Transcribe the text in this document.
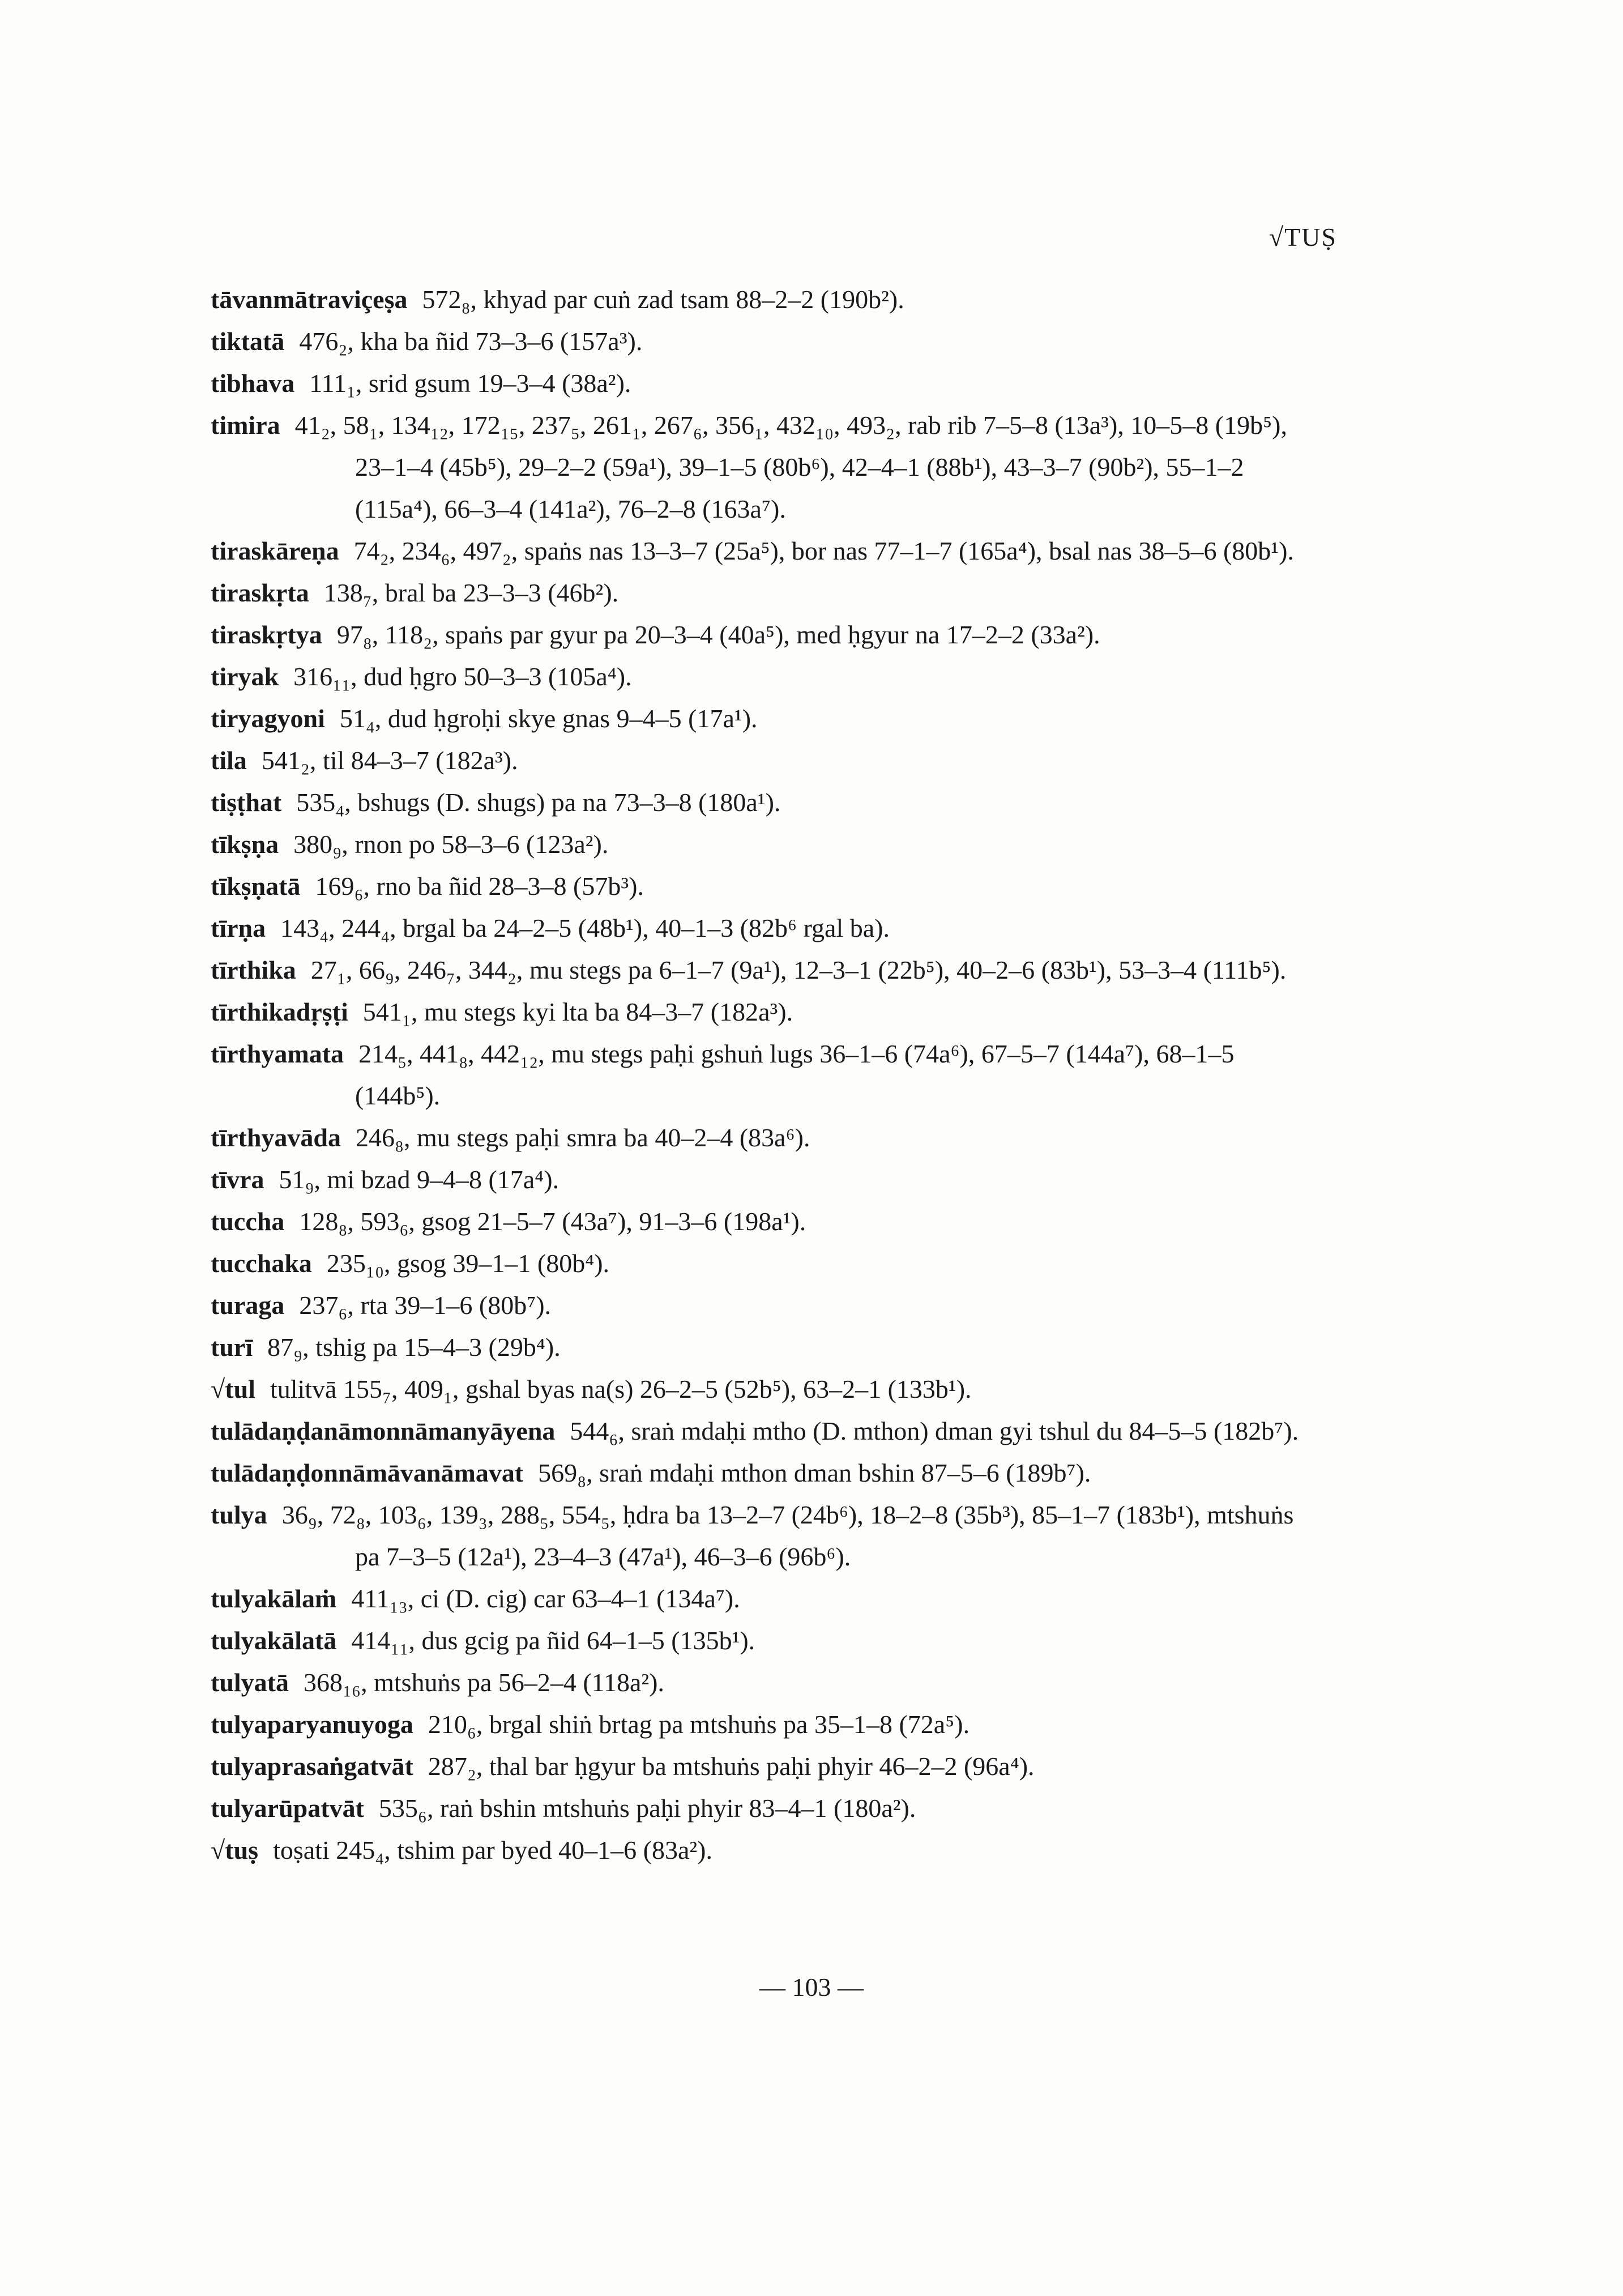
√TUṢ

tāvanmātraviçeṣa 572₈, khyad par cuṅ zad tsam 88–2–2 (190b²).

tiktatā 476₂, kha ba ñid 73–3–6 (157a³).

tibhava 111₁, srid gsum 19–3–4 (38a²).

timira 41₂, 58₁, 134₁₂, 172₁₅, 237₅, 261₁, 267₆, 356₁, 432₁₀, 493₂, rab rib 7–5–8 (13a³), 10–5–8 (19b⁵), 23–1–4 (45b⁵), 29–2–2 (59a¹), 39–1–5 (80b⁶), 42–4–1 (88b¹), 43–3–7 (90b²), 55–1–2 (115a⁴), 66–3–4 (141a²), 76–2–8 (163a⁷).

tiraskāreṇa 74₂, 234₆, 497₂, spaṅs nas 13–3–7 (25a⁵), bor nas 77–1–7 (165a⁴), bsal nas 38–5–6 (80b¹).

tiraskṛta 138₇, bral ba 23–3–3 (46b²).

tiraskṛtya 97₈, 118₂, spaṅs par gyur pa 20–3–4 (40a⁵), med ḥgyur na 17–2–2 (33a²).

tiryak 316₁₁, dud ḥgro 50–3–3 (105a⁴).

tiryagyoni 51₄, dud ḥgroḥi skye gnas 9–4–5 (17a¹).

tila 541₂, til 84–3–7 (182a³).

tiṣṭhat 535₄, bshugs (D. shugs) pa na 73–3–8 (180a¹).

tīkṣṇa 380₉, rnon po 58–3–6 (123a²).

tīkṣṇatā 169₆, rno ba ñid 28–3–8 (57b³).

tīrṇa 143₄, 244₄, brgal ba 24–2–5 (48b¹), 40–1–3 (82b⁶ rgal ba).

tīrthika 27₁, 66₉, 246₇, 344₂, mu stegs pa 6–1–7 (9a¹), 12–3–1 (22b⁵), 40–2–6 (83b¹), 53–3–4 (111b⁵).

tīrthikadṛṣṭi 541₁, mu stegs kyi lta ba 84–3–7 (182a³).

tīrthyamata 214₅, 441₈, 442₁₂, mu stegs paḥi gshuṅ lugs 36–1–6 (74a⁶), 67–5–7 (144a⁷), 68–1–5 (144b⁵).

tīrthyavāda 246₈, mu stegs paḥi smra ba 40–2–4 (83a⁶).

tīvra 51₉, mi bzad 9–4–8 (17a⁴).

tuccha 128₈, 593₆, gsog 21–5–7 (43a⁷), 91–3–6 (198a¹).

tucchaka 235₁₀, gsog 39–1–1 (80b⁴).

turaga 237₆, rta 39–1–6 (80b⁷).

turī 87₉, tshig pa 15–4–3 (29b⁴).

√tul tulitvā 155₇, 409₁, gshal byas na(s) 26–2–5 (52b⁵), 63–2–1 (133b¹).

tulādaṇḍanāmonnāmanyāyena 544₆, sraṅ mdaḥi mtho (D. mthon) dman gyi tshul du 84–5–5 (182b⁷).

tulādaṇḍonnāmāvanāmavat 569₈, sraṅ mdaḥi mthon dman bshin 87–5–6 (189b⁷).

tulya 36₉, 72₈, 103₆, 139₃, 288₅, 554₅, ḥdra ba 13–2–7 (24b⁶), 18–2–8 (35b³), 85–1–7 (183b¹), mtshuṅs pa 7–3–5 (12a¹), 23–4–3 (47a¹), 46–3–6 (96b⁶).

tulyakālaṁ 411₁₃, ci (D. cig) car 63–4–1 (134a⁷).

tulyakālatā 414₁₁, dus gcig pa ñid 64–1–5 (135b¹).

tulyatā 368₁₆, mtshuṅs pa 56–2–4 (118a²).

tulyaparyanuyoga 210₆, brgal shiṅ brtag pa mtshuṅs pa 35–1–8 (72a⁵).

tulyaprasaṅgatvāt 287₂, thal bar ḥgyur ba mtshuṅs paḥi phyir 46–2–2 (96a⁴).

tulyarūpatvāt 535₆, raṅ bshin mtshuṅs paḥi phyir 83–4–1 (180a²).

√tuṣ toṣati 245₄, tshim par byed 40–1–6 (83a²).

— 103 —
